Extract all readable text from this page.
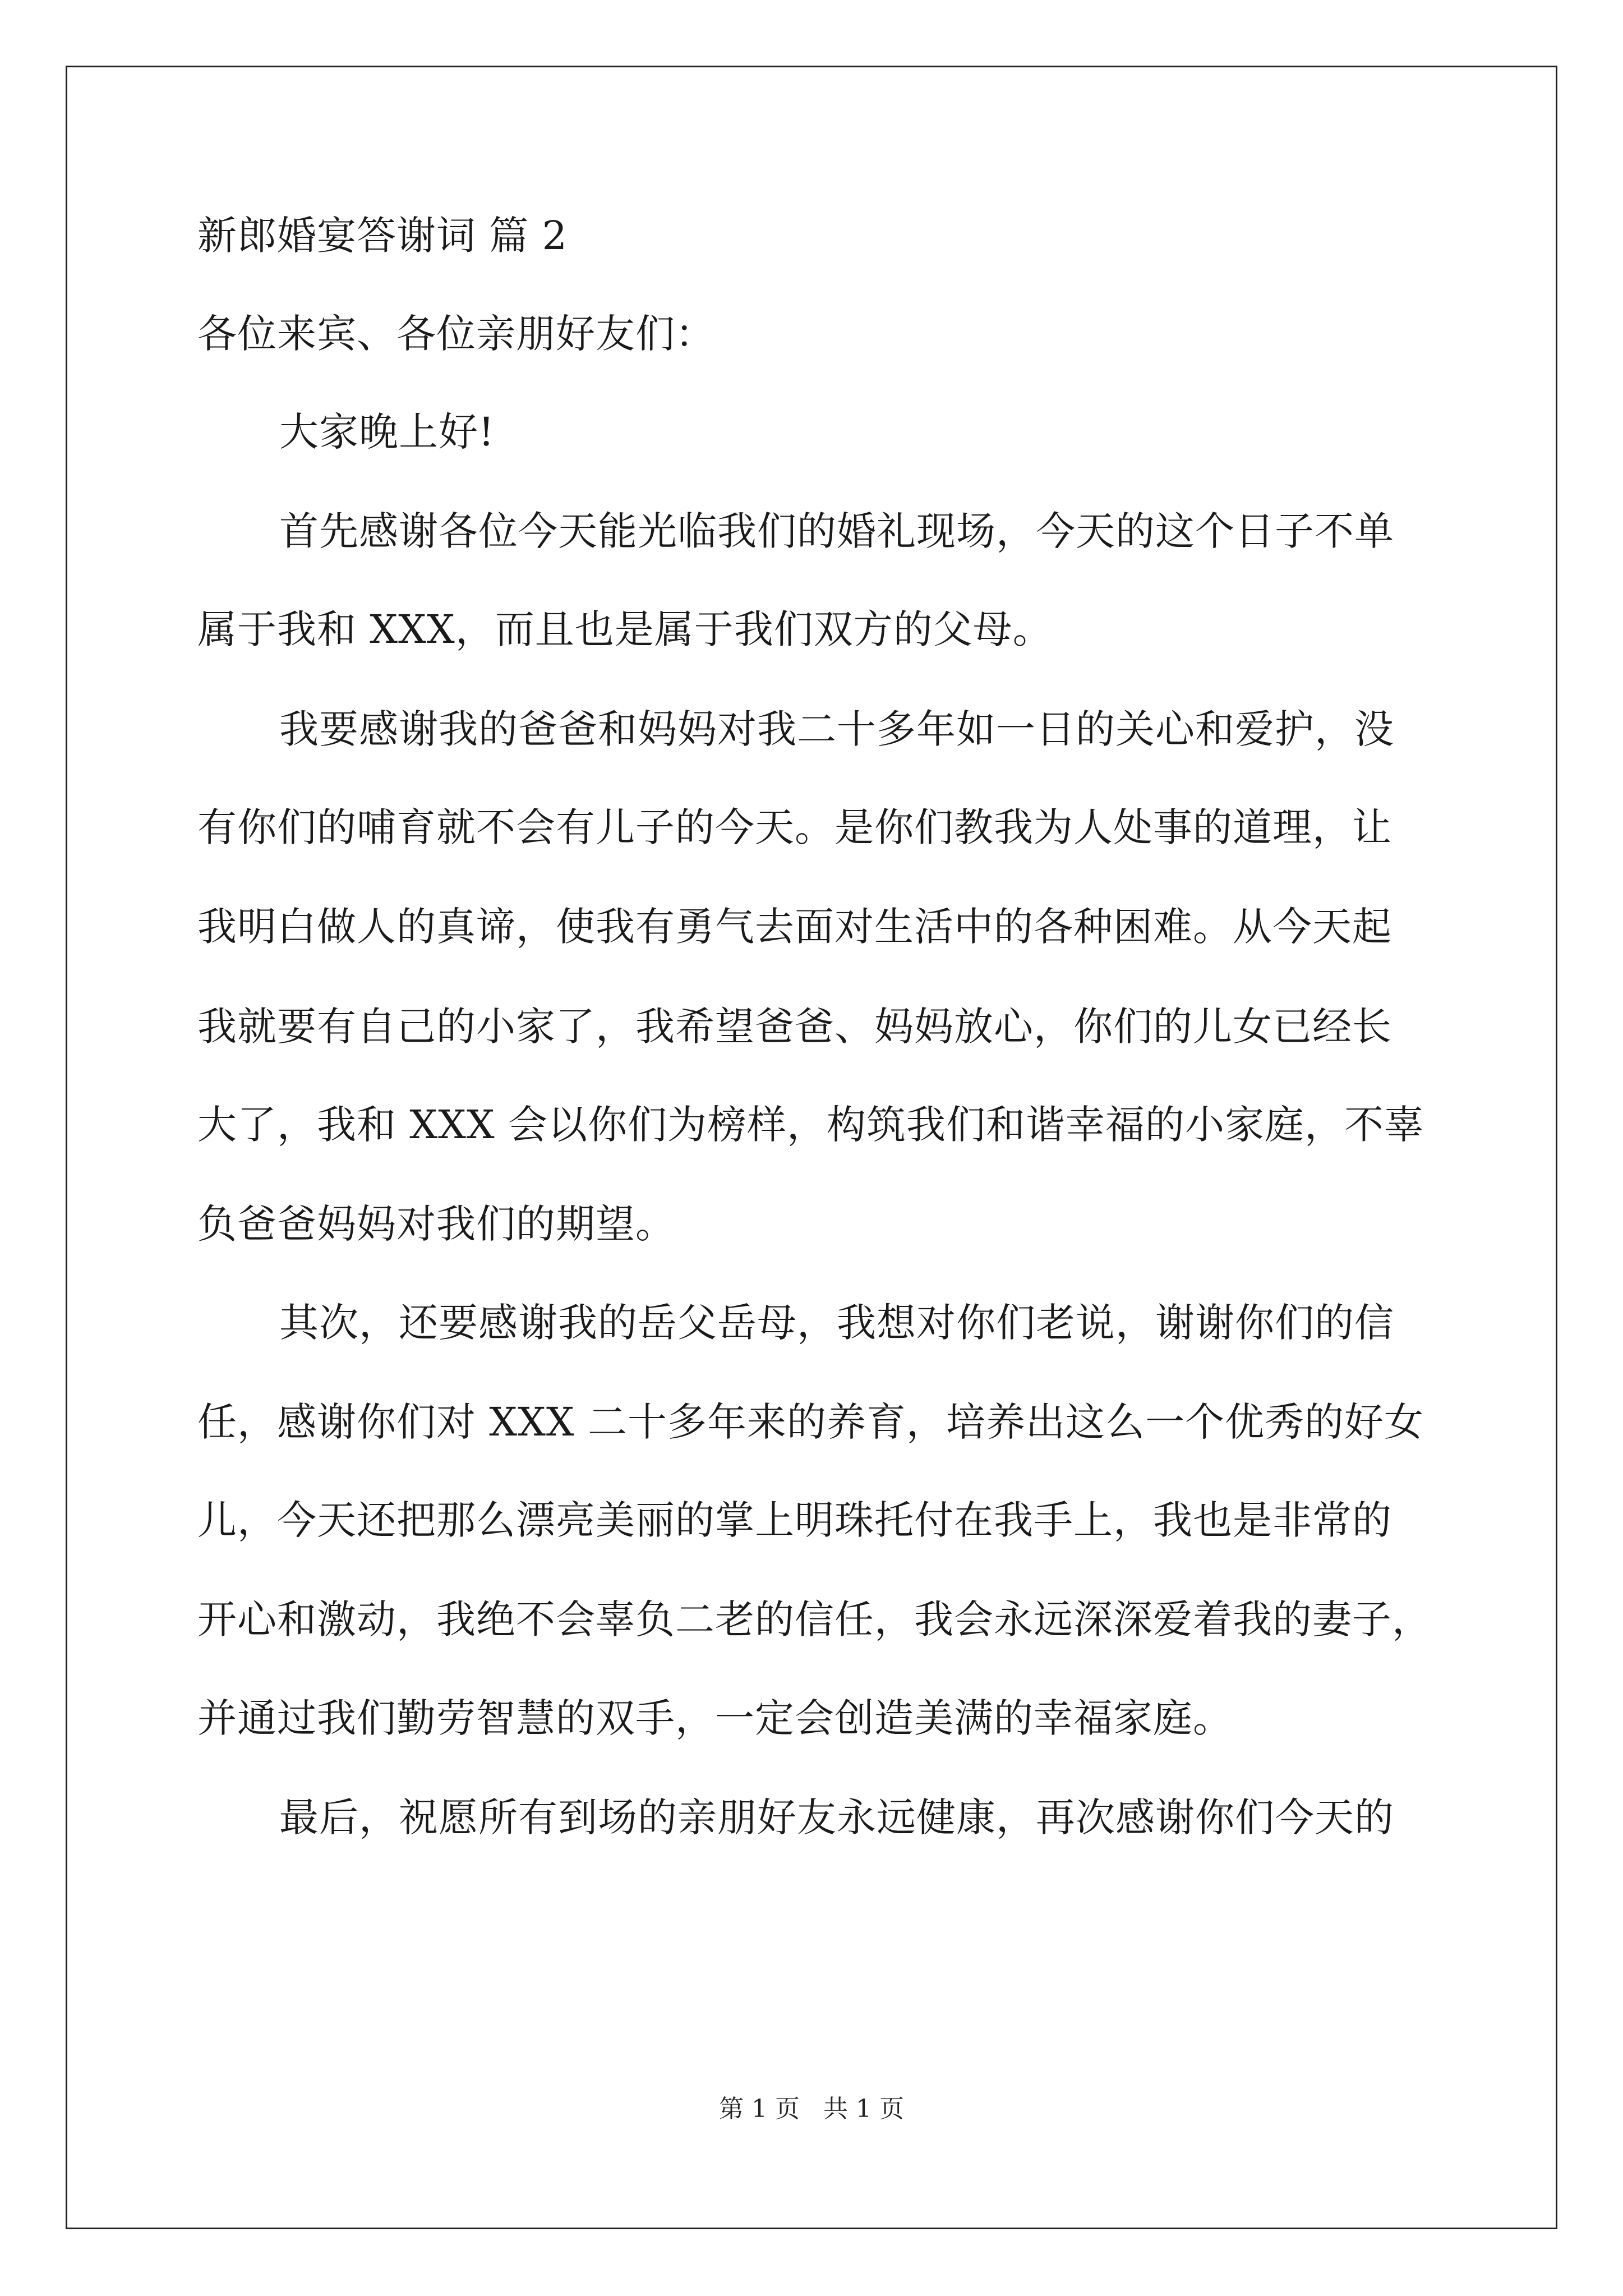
新郎婚宴答谢词 篇 2
各位来宾、各位亲朋好友们：
大家晚上好!
首先感谢各位今天能光临我们的婚礼现场，今天的这个日子不单
属于我和 XXX，而且也是属于我们双方的父母。
我要感谢我的爸爸和妈妈对我二十多年如一日的关心和爱护，没
有你们的哺育就不会有儿子的今天。是你们教我为人处事的道理，让
我明白做人的真谛，使我有勇气去面对生活中的各种困难。从今天起
我就要有自己的小家了，我希望爸爸、妈妈放心，你们的儿女已经长
大了，我和 XXX 会以你们为榜样，构筑我们和谐幸福的小家庭，不辜
负爸爸妈妈对我们的期望。
其次，还要感谢我的岳父岳母，我想对你们老说，谢谢你们的信
任，感谢你们对 XXX 二十多年来的养育，培养出这么一个优秀的好女
儿，今天还把那么漂亮美丽的掌上明珠托付在我手上，我也是非常的
开心和激动，我绝不会辜负二老的信任，我会永远深深爱着我的妻子，
并通过我们勤劳智慧的双手，一定会创造美满的幸福家庭。
最后，祝愿所有到场的亲朋好友永远健康，再次感谢你们今天的
第 1 页 共 1 页
